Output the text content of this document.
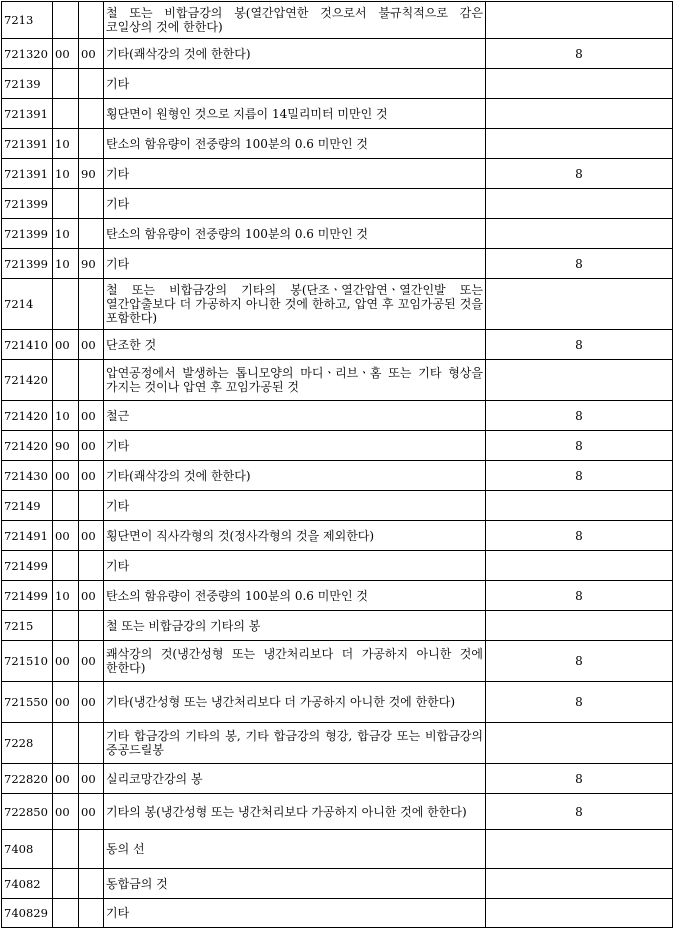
7213			철 또는 비합금강의 봉(열간압연한 것으로서 불규칙적으로 감은 코일상의 것에 한한다)	
721320	00	00	기타(쾌삭강의 것에 한한다)	8
72139			기타	
721391			횡단면이 원형인 것으로 지름이 14밀리미터 미만인 것	
721391	10		탄소의 함유량이 전중량의 100분의 0.6 미만인 것	
721391	10	90	기타	8
721399			기타	
721399	10		탄소의 함유량이 전중량의 100분의 0.6 미만인 것	
721399	10	90	기타	8
7214			철 또는 비합금강의 기타의 봉(단조ㆍ열간압연ㆍ열간인발 또는 열간압출보다 더 가공하지 아니한 것에 한하고, 압연 후 꼬임가공된 것을 포함한다)	
721410	00	00	단조한 것	8
721420			압연공정에서 발생하는 톱니모양의 마디ㆍ리브ㆍ홈 또는 기타 형상을 가지는 것이나 압연 후 꼬임가공된 것	
721420	10	00	철근	8
721420	90	00	기타	8
721430	00	00	기타(쾌삭강의 것에 한한다)	8
72149			기타	
721491	00	00	횡단면이 직사각형의 것(정사각형의 것을 제외한다)	8
721499			기타	
721499	10	00	탄소의 함유량이 전중량의 100분의 0.6 미만인 것	8
7215			철 또는 비합금강의 기타의 봉	
721510	00	00	쾌삭강의 것(냉간성형 또는 냉간처리보다 더 가공하지 아니한 것에 한한다)	8
721550	00	00	기타(냉간성형 또는 냉간처리보다 더 가공하지 아니한 것에 한한다)	8
7228			기타 합금강의 기타의 봉, 기타 합금강의 형강, 합금강 또는 비합금강의 중공드릴봉	
722820	00	00	실리코망간강의 봉	8
722850	00	00	기타의 봉(냉간성형 또는 냉간처리보다 가공하지 아니한 것에 한한다)	8
7408			동의 선	
74082			동합금의 것	
740829			기타	
